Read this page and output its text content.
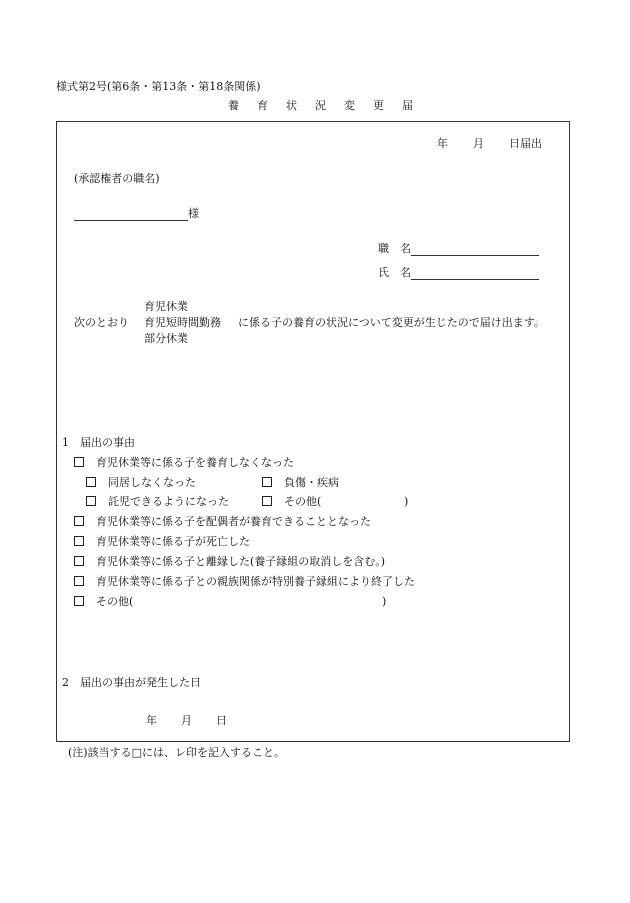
様式第2号(第6条・第13条・第18条関係)
養 育 状 況 変 更 届
年 月 日届出
(承認権者の職名)
様
職　名
氏　名
育児休業
次のとおり 育児短時間勤務 に係る子の養育の状況について変更が生じたので届け出ます。
部分休業
1　届出の事由
育児休業等に係る子を養育しなくなった
同居しなくなった	負傷・疾病
託児できるようになった	その他(	)
育児休業等に係る子を配偶者が養育できることとなった
育児休業等に係る子が死亡した
育児休業等に係る子と離縁した(養子縁組の取消しを含む。)
育児休業等に係る子との親族関係が特別養子縁組により終了した
その他(	)
2　届出の事由が発生した日
年 月 日
(注)該当する□には、レ印を記入すること。
